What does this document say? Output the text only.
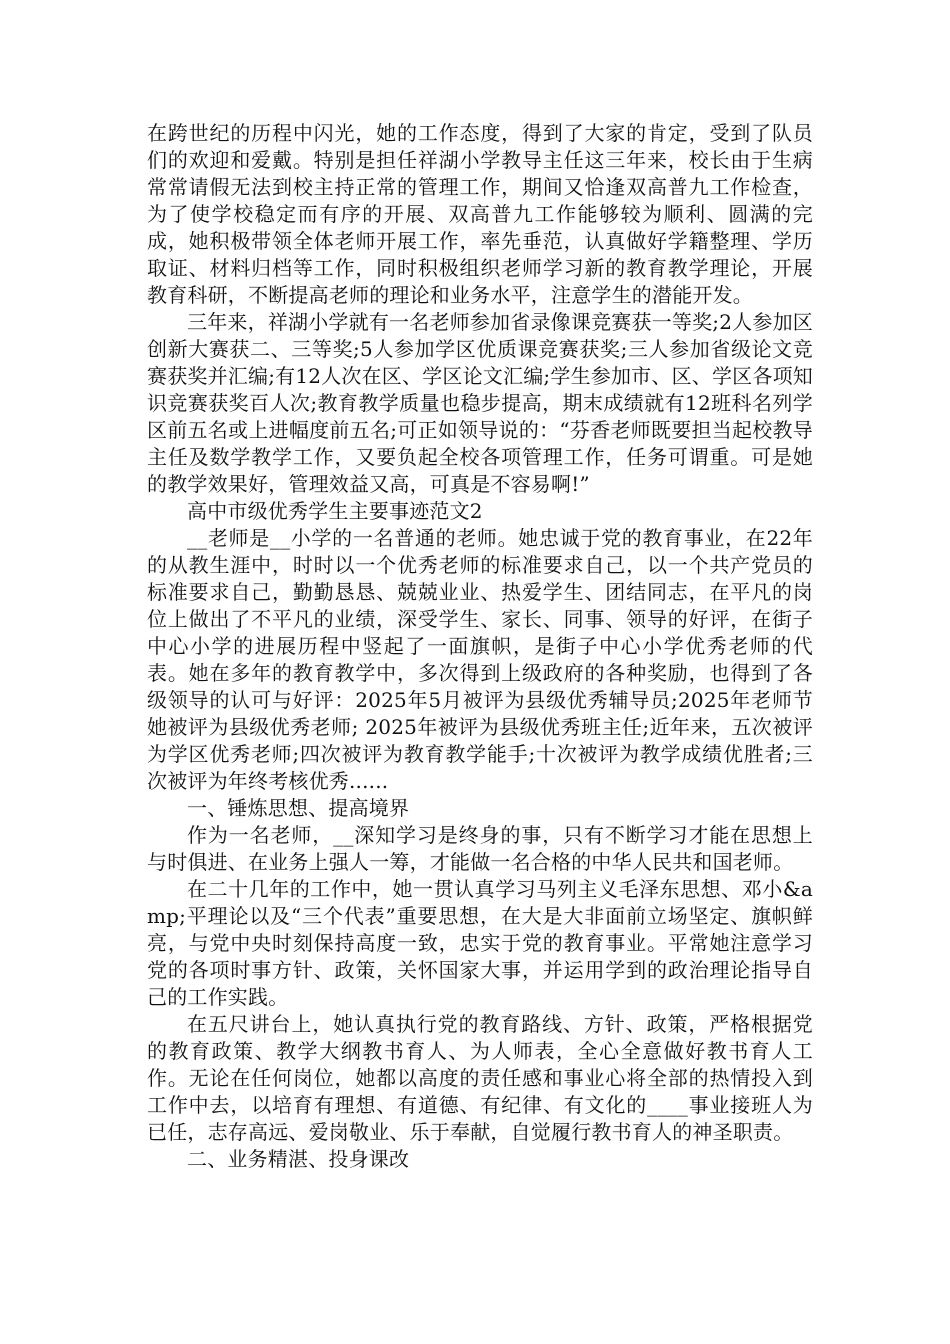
在跨世纪的历程中闪光，她的工作态度，得到了大家的肯定，受到了队员们的欢迎和爱戴。特别是担任祥湖小学教导主任这三年来，校长由于生病常常请假无法到校主持正常的管理工作，期间又恰逢双高普九工作检查，为了使学校稳定而有序的开展、双高普九工作能够较为顺利、圆满的完成，她积极带领全体老师开展工作，率先垂范，认真做好学籍整理、学历取证、材料归档等工作，同时积极组织老师学习新的教育教学理论，开展教育科研，不断提高老师的理论和业务水平，注意学生的潜能开发。

三年来，祥湖小学就有一名老师参加省录像课竞赛获一等奖;2人参加区创新大赛获二、三等奖;5人参加学区优质课竞赛获奖;三人参加省级论文竞赛获奖并汇编;有12人次在区、学区论文汇编;学生参加市、区、学区各项知识竞赛获奖百人次;教育教学质量也稳步提高，期末成绩就有12班科名列学区前五名或上进幅度前五名;可正如领导说的：“芬香老师既要担当起校教导主任及数学教学工作，又要负起全校各项管理工作，任务可谓重。可是她的教学效果好，管理效益又高，可真是不容易啊!”

高中市级优秀学生主要事迹范文2

__老师是__小学的一名普通的老师。她忠诚于党的教育事业，在22年的从教生涯中，时时以一个优秀老师的标准要求自己，以一个共产党员的标准要求自己，勤勤恳恳、兢兢业业、热爱学生、团结同志，在平凡的岗位上做出了不平凡的业绩，深受学生、家长、同事、领导的好评，在街子中心小学的进展历程中竖起了一面旗帜，是街子中心小学优秀老师的代表。她在多年的教育教学中，多次得到上级政府的各种奖励，也得到了各级领导的认可与好评：2025年5月被评为县级优秀辅导员;2025年老师节她被评为县级优秀老师; 2025年被评为县级优秀班主任;近年来，五次被评为学区优秀老师;四次被评为教育教学能手;十次被评为教学成绩优胜者;三次被评为年终考核优秀......

一、锤炼思想、提高境界

作为一名老师，__深知学习是终身的事，只有不断学习才能在思想上与时俱进、在业务上强人一筹，才能做一名合格的中华人民共和国老师。

在二十几年的工作中，她一贯认真学习马列主义毛泽东思想、邓小&amp;平理论以及“三个代表”重要思想，在大是大非面前立场坚定、旗帜鲜亮，与党中央时刻保持高度一致，忠实于党的教育事业。平常她注意学习党的各项时事方针、政策，关怀国家大事，并运用学到的政治理论指导自己的工作实践。

在五尺讲台上，她认真执行党的教育路线、方针、政策，严格根据党的教育政策、教学大纲教书育人、为人师表，全心全意做好教书育人工作。无论在任何岗位，她都以高度的责任感和事业心将全部的热情投入到工作中去，以培育有理想、有道德、有纪律、有文化的____事业接班人为已任，志存高远、爱岗敬业、乐于奉献，自觉履行教书育人的神圣职责。

二、业务精湛、投身课改
